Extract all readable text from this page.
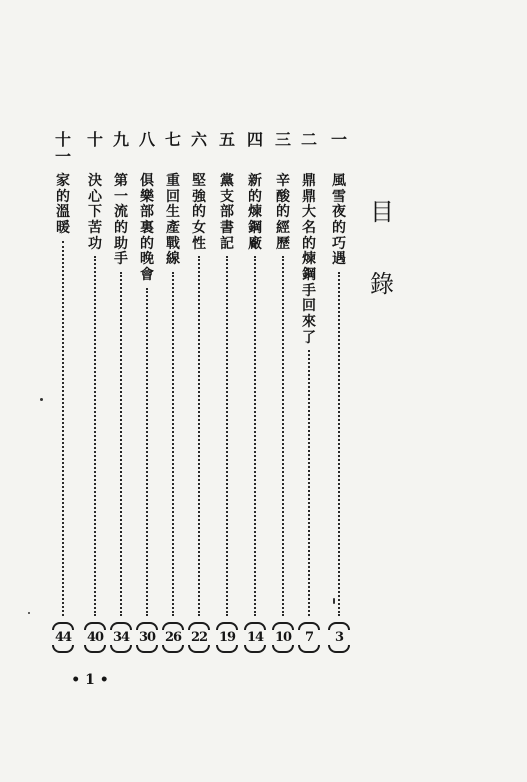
目
錄
一
風
雪
夜
的
巧
遇
3
二
鼎
鼎
大
名
的
煉
鋼
手
回
來
了
7
三
辛
酸
的
經
歷
10
四
新
的
煉
鋼
廠
14
五
黨
支
部
書
記
19
六
堅
強
的
女
性
22
七
重
回
生
產
戰
線
26
八
俱
樂
部
裏
的
晚
會
30
九
第
一
流
的
助
手
34
十
決
心
下
苦
功
40
十
一
家
的
溫
暖
44
• 1 •
